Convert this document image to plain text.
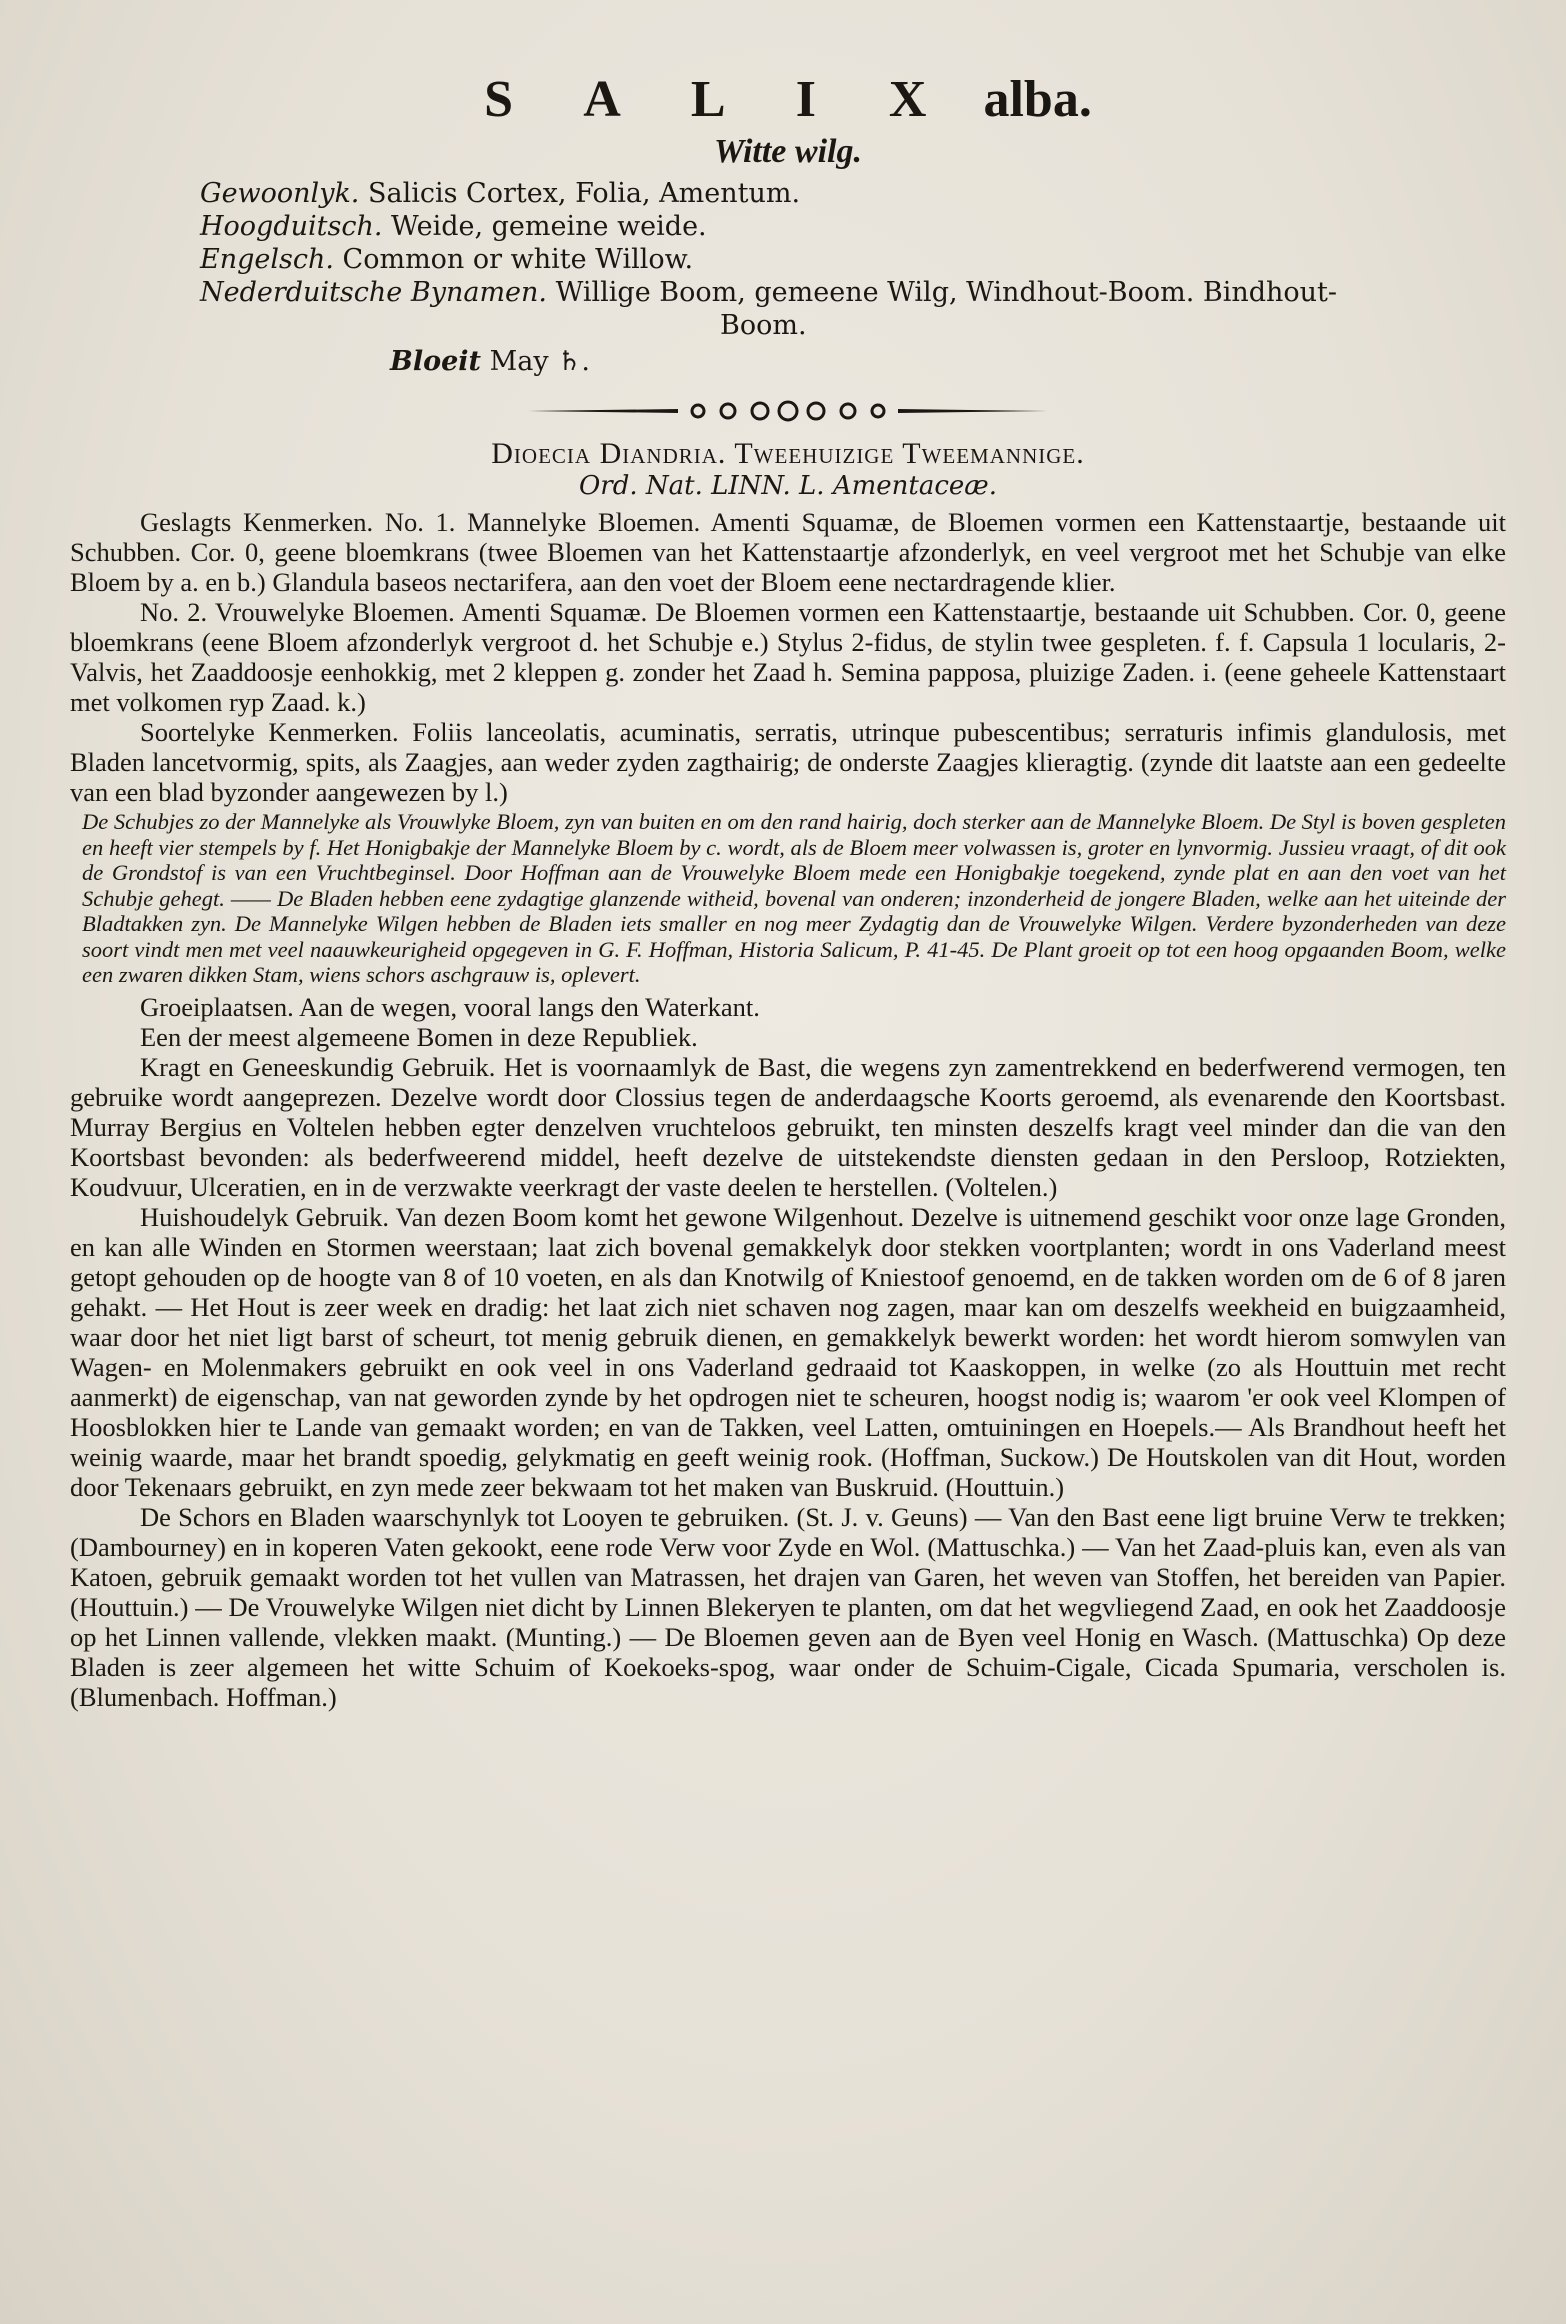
S A L I X alba.
Witte wilg.
Gewoonlyk. Salicis Cortex, Folia, Amentum.
Hoogduitsch. Weide, gemeine weide.
Engelsch. Common or white Willow.
Nederduitsche Bynamen. Willige Boom, gemeene Wilg, Windhout-Boom. Bindhout-
Boom.
Bloeit May ♄.
Dioecia Diandria. Tweehuizige Tweemannige.
Ord. Nat. LINN. L. Amentaceæ.

Geslagts Kenmerken. No. 1. Mannelyke Bloemen. Amenti Squamæ, de Bloemen vormen een Kattenstaartje, bestaande uit Schubben. Cor. 0, geene bloemkrans (twee Bloemen van het Kattenstaartje afzonderlyk, en veel vergroot met het Schubje van elke Bloem by a. en b.) Glandula baseos nectarifera, aan den voet der Bloem eene nectardragende klier.

No. 2. Vrouwelyke Bloemen. Amenti Squamæ. De Bloemen vormen een Kattenstaartje, bestaande uit Schubben. Cor. 0, geene bloemkrans (eene Bloem afzonderlyk vergroot d. het Schubje e.) Stylus 2-fidus, de stylin twee gespleten. f. f. Capsula 1 locularis, 2-Valvis, het Zaaddoosje eenhokkig, met 2 kleppen g. zonder het Zaad h. Semina papposa, pluizige Zaden. i. (eene geheele Kattenstaart met volkomen ryp Zaad. k.)

Soortelyke Kenmerken. Foliis lanceolatis, acuminatis, serratis, utrinque pubescentibus; serraturis infimis glandulosis, met Bladen lancetvormig, spits, als Zaagjes, aan weder zyden zagthairig; de onderste Zaagjes klieragtig. (zynde dit laatste aan een gedeelte van een blad byzonder aangewezen by l.)

De Schubjes zo der Mannelyke als Vrouwlyke Bloem, zyn van buiten en om den rand hairig, doch sterker aan de Mannelyke Bloem. De Styl is boven gespleten en heeft vier stempels by f. Het Honigbakje der Mannelyke Bloem by c. wordt, als de Bloem meer volwassen is, groter en lynvormig. Jussieu vraagt, of dit ook de Grondstof is van een Vruchtbeginsel. Door Hoffman aan de Vrouwelyke Bloem mede een Honigbakje toegekend, zynde plat en aan den voet van het Schubje gehegt. —— De Bladen hebben eene zydagtige glanzende witheid, bovenal van onderen; inzonderheid de jongere Bladen, welke aan het uiteinde der Bladtakken zyn. De Mannelyke Wilgen hebben de Bladen iets smaller en nog meer Zydagtig dan de Vrouwelyke Wilgen. Verdere byzonderheden van deze soort vindt men met veel naauwkeurigheid opgegeven in G. F. Hoffman, Historia Salicum, P. 41-45. De Plant groeit op tot een hoog opgaanden Boom, welke een zwaren dikken Stam, wiens schors aschgrauw is, oplevert.

Groeiplaatsen. Aan de wegen, vooral langs den Waterkant.

Een der meest algemeene Bomen in deze Republiek.

Kragt en Geneeskundig Gebruik. Het is voornaamlyk de Bast, die wegens zyn zamentrekkend en bederfwerend vermogen, ten gebruike wordt aangeprezen. Dezelve wordt door Clossius tegen de anderdaagsche Koorts geroemd, als evenarende den Koortsbast. Murray Bergius en Voltelen hebben egter denzelven vruchteloos gebruikt, ten minsten deszelfs kragt veel minder dan die van den Koortsbast bevonden: als bederfweerend middel, heeft dezelve de uitstekendste diensten gedaan in den Persloop, Rotziekten, Koudvuur, Ulceratien, en in de verzwakte veerkragt der vaste deelen te herstellen. (Voltelen.)

Huishoudelyk Gebruik. Van dezen Boom komt het gewone Wilgenhout. Dezelve is uitnemend geschikt voor onze lage Gronden, en kan alle Winden en Stormen weerstaan; laat zich bovenal gemakkelyk door stekken voortplanten; wordt in ons Vaderland meest getopt gehouden op de hoogte van 8 of 10 voeten, en als dan Knotwilg of Kniestoof genoemd, en de takken worden om de 6 of 8 jaren gehakt. — Het Hout is zeer week en dradig: het laat zich niet schaven nog zagen, maar kan om deszelfs weekheid en buigzaamheid, waar door het niet ligt barst of scheurt, tot menig gebruik dienen, en gemakkelyk bewerkt worden: het wordt hierom somwylen van Wagen- en Molenmakers gebruikt en ook veel in ons Vaderland gedraaid tot Kaaskoppen, in welke (zo als Houttuin met recht aanmerkt) de eigenschap, van nat geworden zynde by het opdrogen niet te scheuren, hoogst nodig is; waarom 'er ook veel Klompen of Hoosblokken hier te Lande van gemaakt worden; en van de Takken, veel Latten, omtuiningen en Hoepels.— Als Brandhout heeft het weinig waarde, maar het brandt spoedig, gelykmatig en geeft weinig rook. (Hoffman, Suckow.) De Houtskolen van dit Hout, worden door Tekenaars gebruikt, en zyn mede zeer bekwaam tot het maken van Buskruid. (Houttuin.)

De Schors en Bladen waarschynlyk tot Looyen te gebruiken. (St. J. v. Geuns) — Van den Bast eene ligt bruine Verw te trekken; (Dambourney) en in koperen Vaten gekookt, eene rode Verw voor Zyde en Wol. (Mattuschka.) — Van het Zaad-pluis kan, even als van Katoen, gebruik gemaakt worden tot het vullen van Matrassen, het drajen van Garen, het weven van Stoffen, het bereiden van Papier. (Houttuin.) — De Vrouwelyke Wilgen niet dicht by Linnen Blekeryen te planten, om dat het wegvliegend Zaad, en ook het Zaaddoosje op het Linnen vallende, vlekken maakt. (Munting.) — De Bloemen geven aan de Byen veel Honig en Wasch. (Mattuschka) Op deze Bladen is zeer algemeen het witte Schuim of Koekoeks-spog, waar onder de Schuim-Cigale, Cicada Spumaria, verscholen is. (Blumenbach. Hoffman.)
